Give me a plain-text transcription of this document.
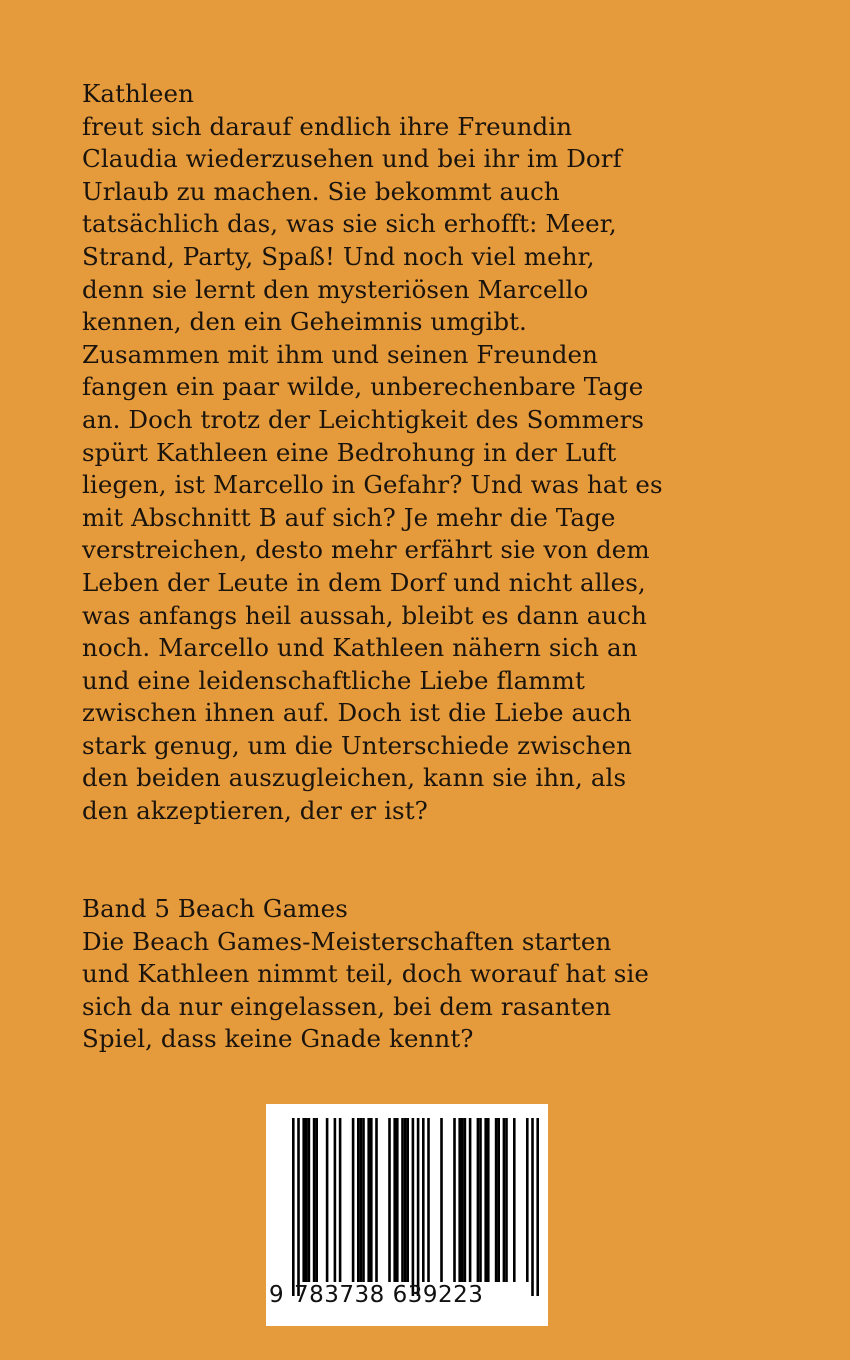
Kathleen
freut sich darauf endlich ihre Freundin
Claudia wiederzusehen und bei ihr im Dorf
Urlaub zu machen. Sie bekommt auch
tatsächlich das, was sie sich erhofft: Meer,
Strand, Party, Spaß! Und noch viel mehr,
denn sie lernt den mysteriösen Marcello
kennen, den ein Geheimnis umgibt.
Zusammen mit ihm und seinen Freunden
fangen ein paar wilde, unberechenbare Tage
an. Doch trotz der Leichtigkeit des Sommers
spürt Kathleen eine Bedrohung in der Luft
liegen, ist Marcello in Gefahr? Und was hat es
mit Abschnitt B auf sich? Je mehr die Tage
verstreichen, desto mehr erfährt sie von dem
Leben der Leute in dem Dorf und nicht alles,
was anfangs heil aussah, bleibt es dann auch
noch. Marcello und Kathleen nähern sich an
und eine leidenschaftliche Liebe flammt
zwischen ihnen auf. Doch ist die Liebe auch
stark genug, um die Unterschiede zwischen
den beiden auszugleichen, kann sie ihn, als
den akzeptieren, der er ist?
Band 5 Beach Games
Die Beach Games-Meisterschaften starten
und Kathleen nimmt teil, doch worauf hat sie
sich da nur eingelassen, bei dem rasanten
Spiel, dass keine Gnade kennt?
9 783738 639223
